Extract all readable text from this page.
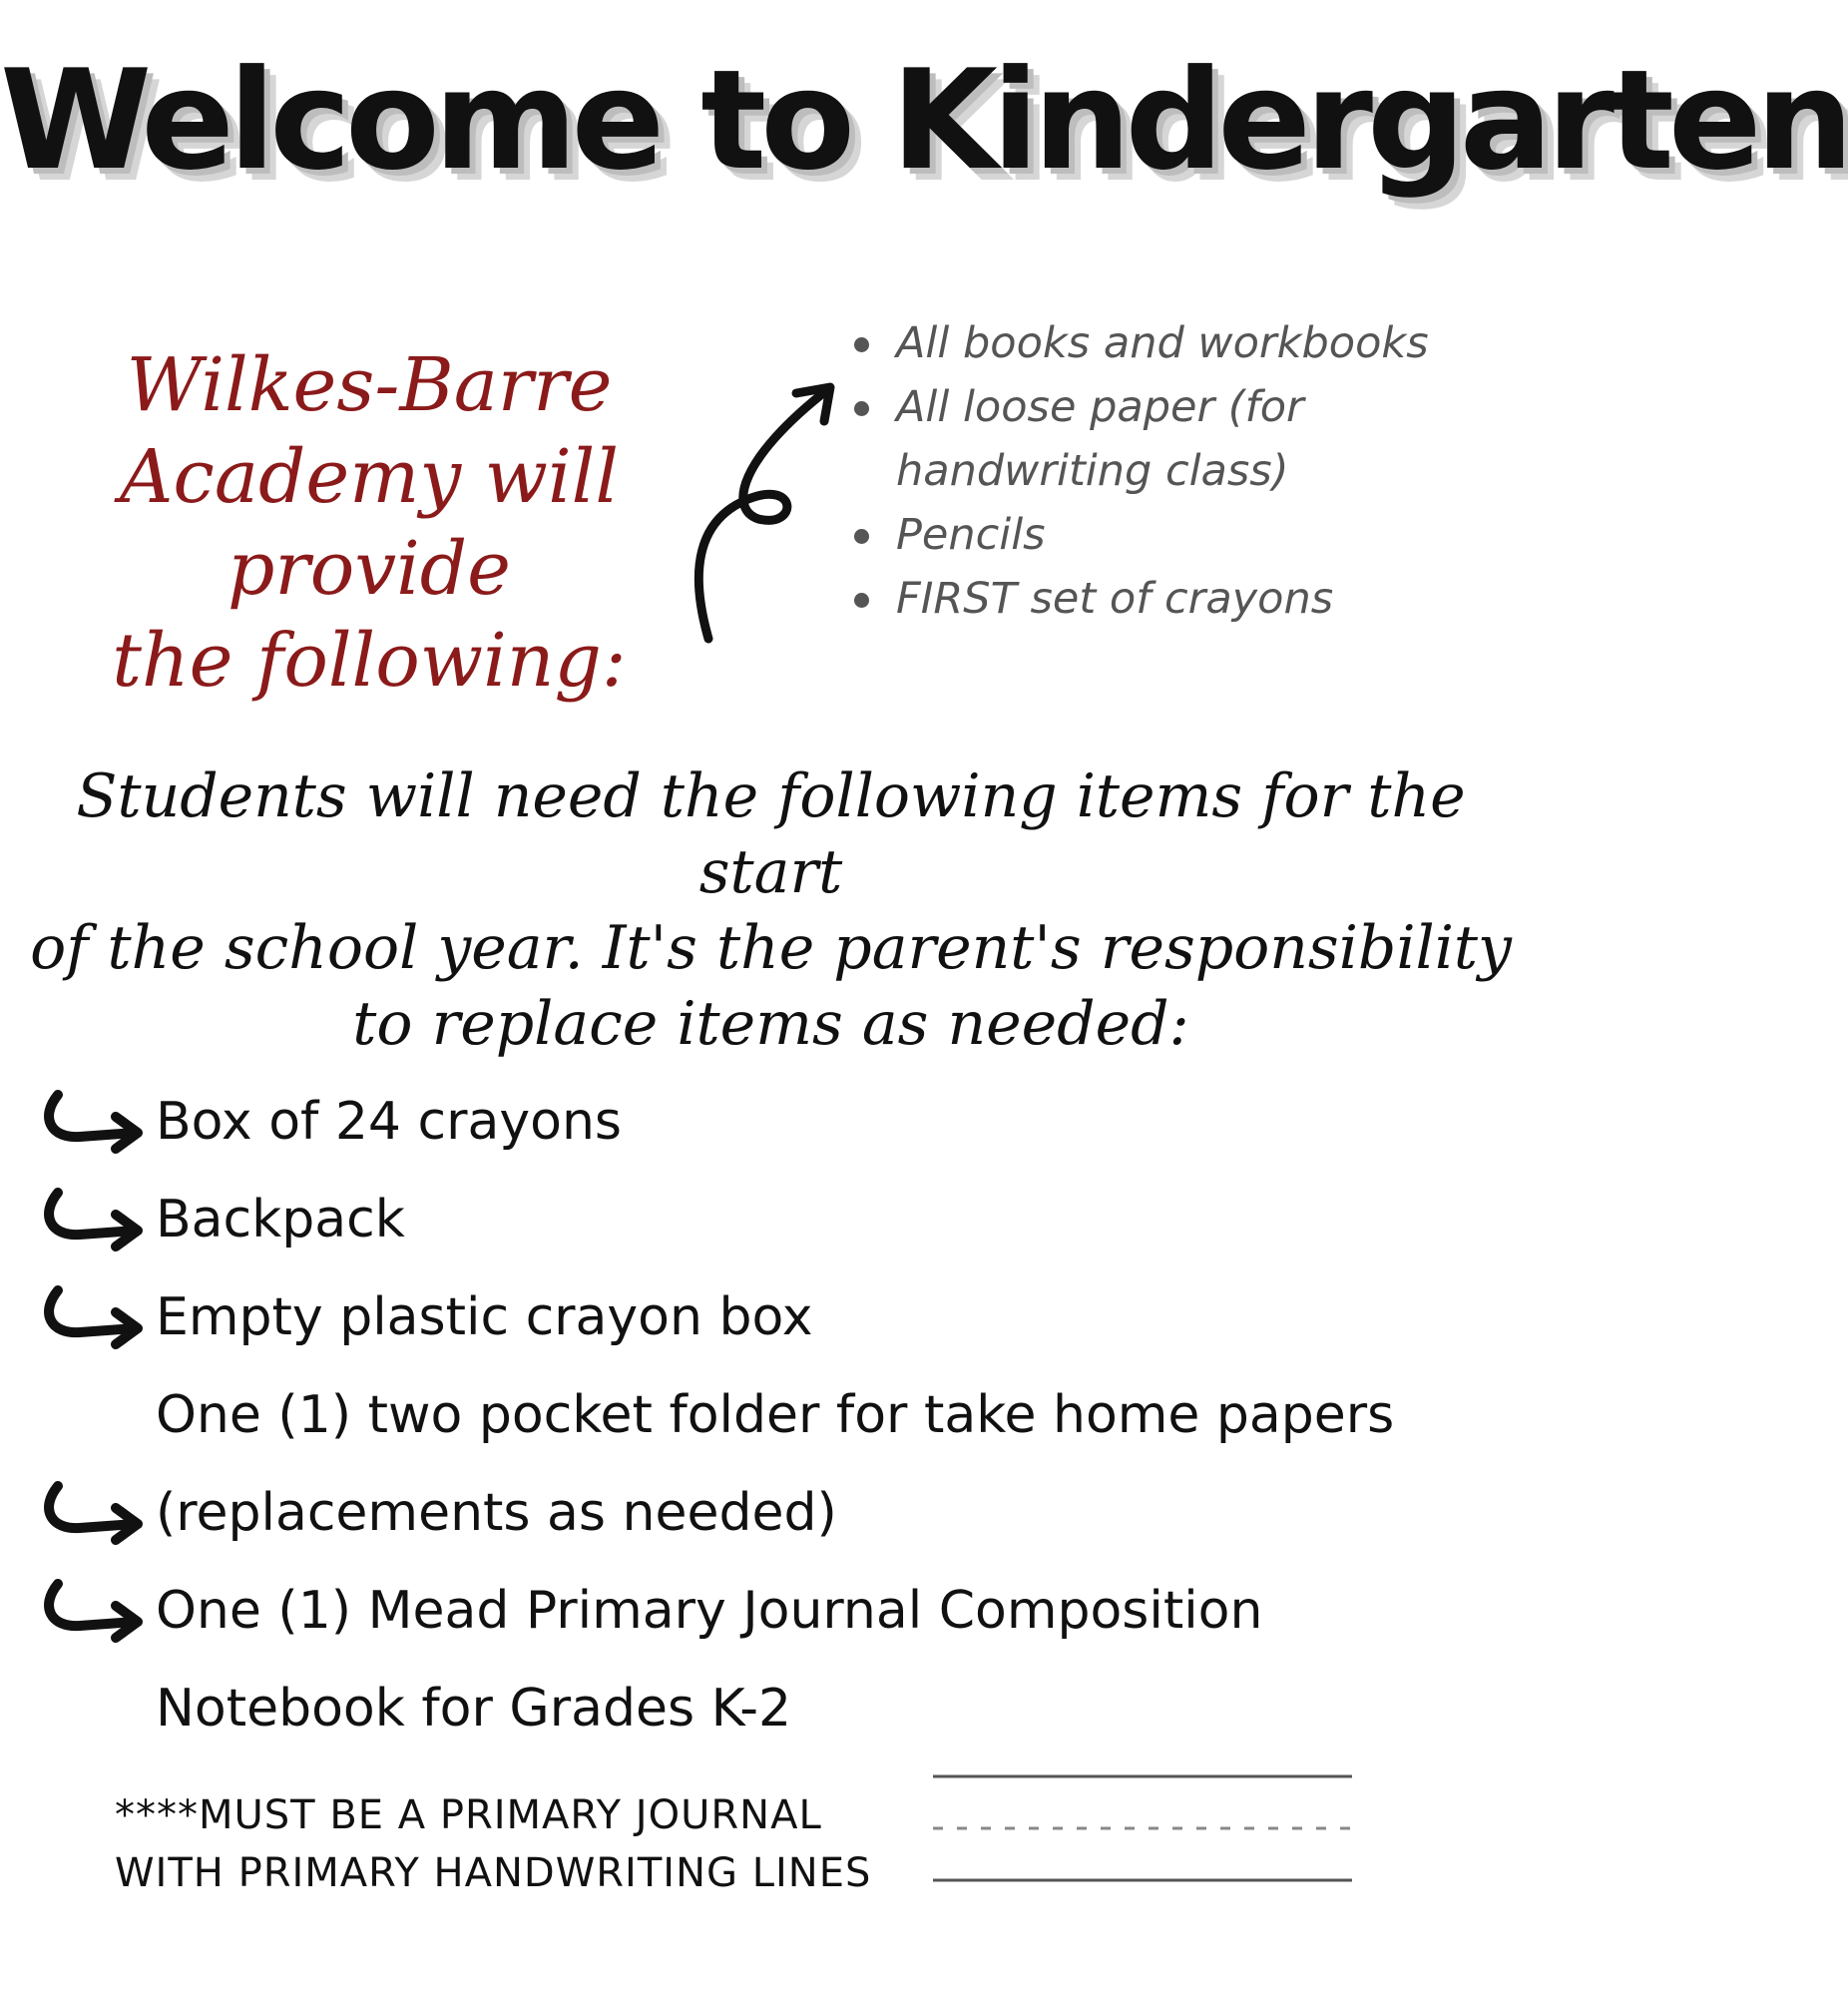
Welcome to Kindergarten
Wilkes-Barre
Academy will provide
the following:
All books and workbooks
All loose paper (for handwriting class)
Pencils
FIRST set of crayons
Students will need the following items for the start
of the school year. It's the parent's responsibility
to replace items as needed:
Box of 24 crayons
Backpack
Empty plastic crayon box
One (1) two pocket folder for take home papers
(replacements as needed)
One (1) Mead Primary Journal Composition
Notebook for Grades K-2
****MUST BE A PRIMARY JOURNAL
WITH PRIMARY HANDWRITING LINES
